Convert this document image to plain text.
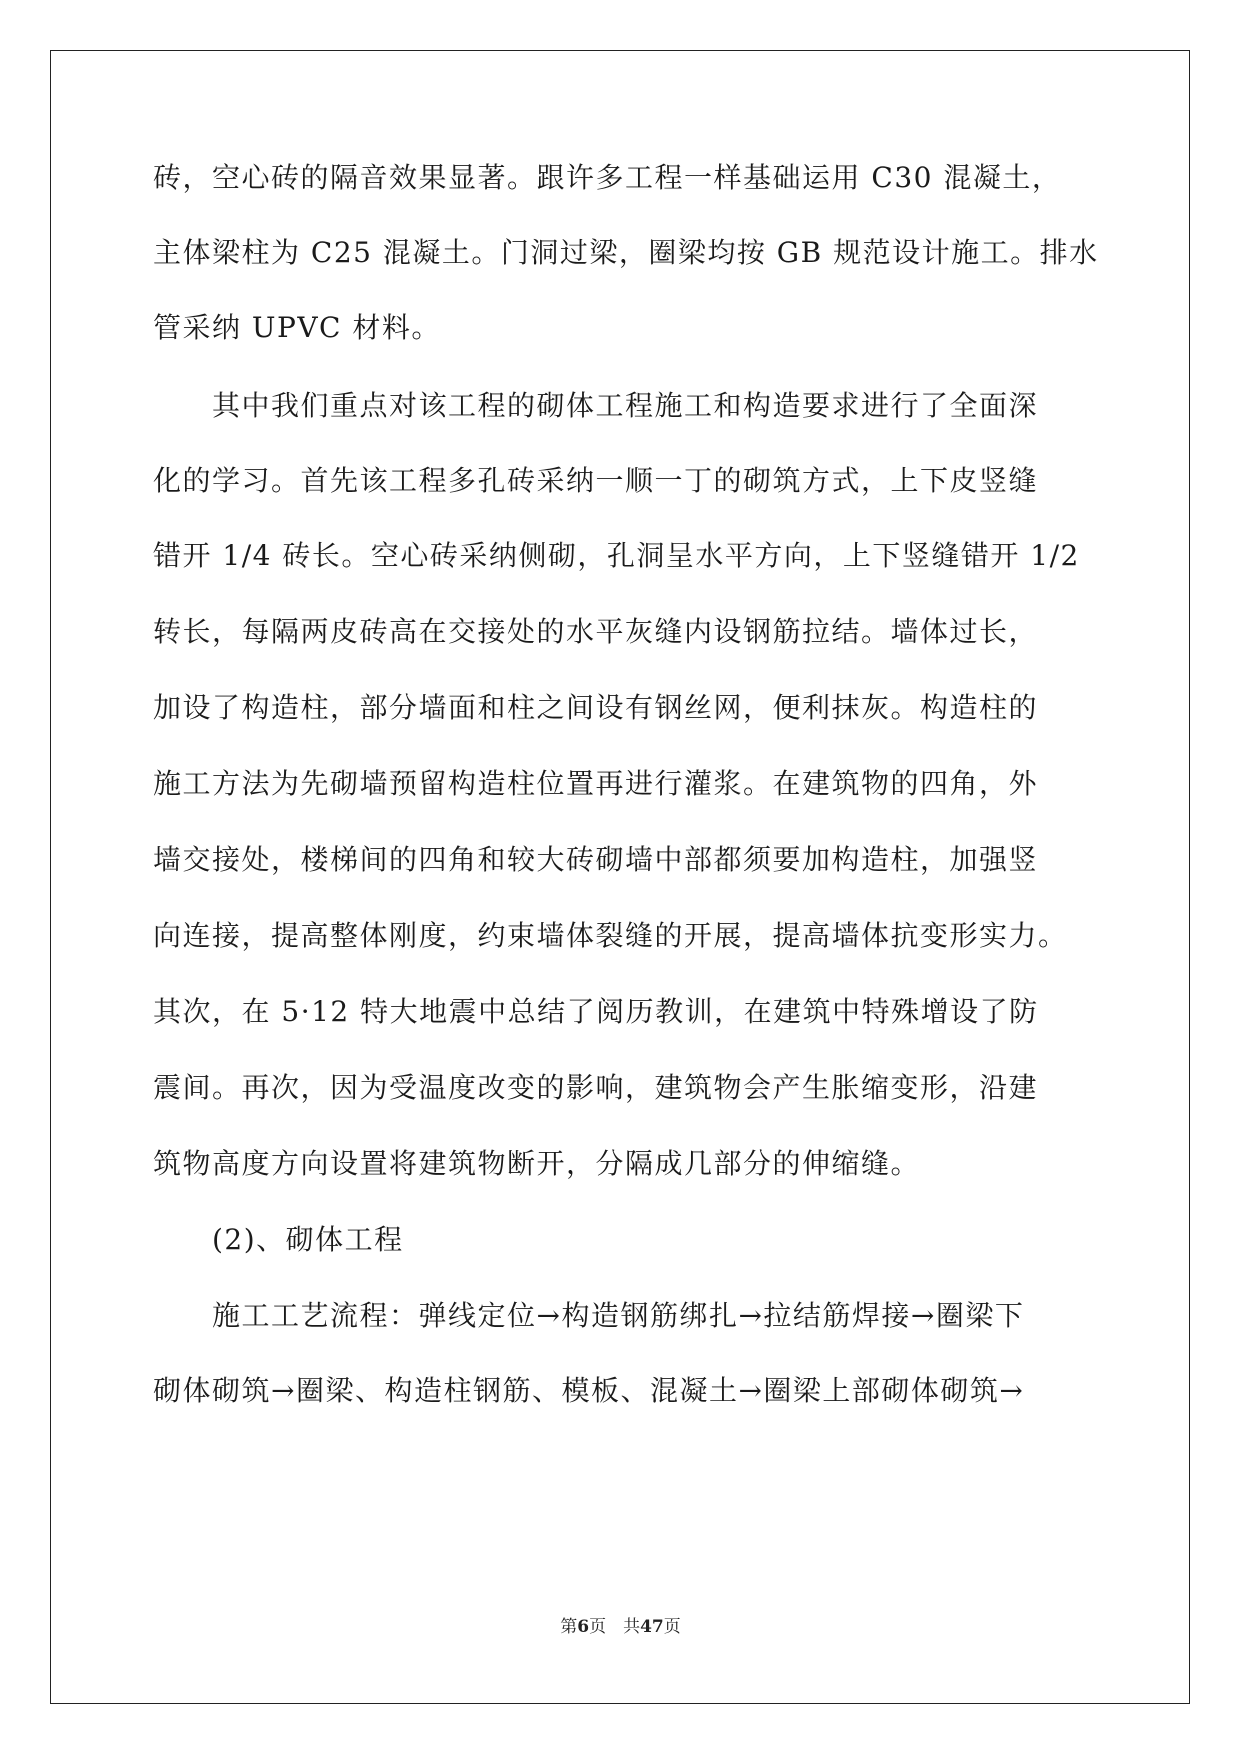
砖，空心砖的隔音效果显著。跟许多工程一样基础运用 C30 混凝土，
主体梁柱为 C25 混凝土。门洞过梁，圈梁均按 GB 规范设计施工。排水
管采纳 UPVC 材料。
　　其中我们重点对该工程的砌体工程施工和构造要求进行了全面深
化的学习。首先该工程多孔砖采纳一顺一丁的砌筑方式，上下皮竖缝
错开 1/4 砖长。空心砖采纳侧砌，孔洞呈水平方向，上下竖缝错开 1/2
转长，每隔两皮砖高在交接处的水平灰缝内设钢筋拉结。墙体过长，
加设了构造柱，部分墙面和柱之间设有钢丝网，便利抹灰。构造柱的
施工方法为先砌墙预留构造柱位置再进行灌浆。在建筑物的四角，外
墙交接处，楼梯间的四角和较大砖砌墙中部都须要加构造柱，加强竖
向连接，提高整体刚度，约束墙体裂缝的开展，提高墙体抗变形实力。
其次，在 5·12 特大地震中总结了阅历教训，在建筑中特殊增设了防
震间。再次，因为受温度改变的影响，建筑物会产生胀缩变形，沿建
筑物高度方向设置将建筑物断开，分隔成几部分的伸缩缝。
　　(2)、砌体工程
　　施工工艺流程：弹线定位→构造钢筋绑扎→拉结筋焊接→圈梁下
砌体砌筑→圈梁、构造柱钢筋、模板、混凝土→圈梁上部砌体砌筑→
第6页　共47页
